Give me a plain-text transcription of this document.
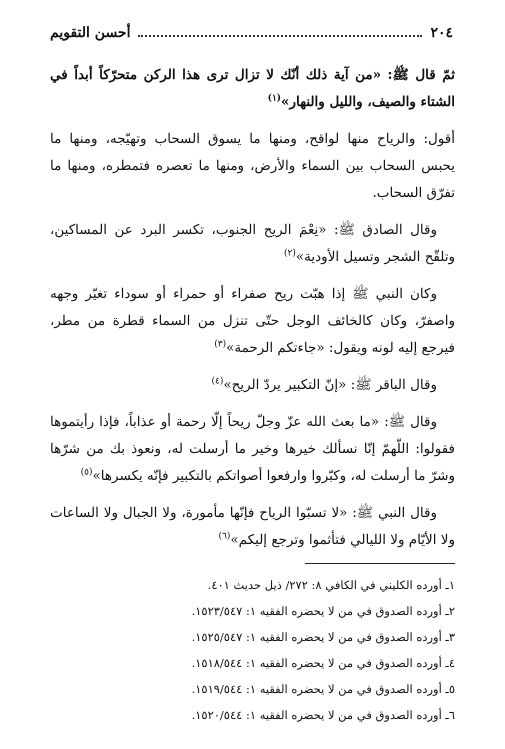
٢٠٤
أحسن التقويم

ثمّ قال ﷺ: «من آية ذلك أنّك لا تزال ترى هذا الركن متحرّكاً أبداً في الشتاء والصيف، والليل والنهار»$^{(١)}$

أقول: والرياح منها لواقح، ومنها ما يسوق السحاب وتهيّجه، ومنها ما يحبس السحاب بين السماء والأرض، ومنها ما تعصره فتمطره، ومنها ما تفرّق السحاب.

وقال الصادق ﷺ: «نِعْمَ الريح الجنوب، تكسر البرد عن المساكين، وتلقّح الشجر وتسيل الأودية»$^{(٢)}$

وكان النبي ﷺ إذا هبّت ريح صفراء أو حمراء أو سوداء تغيّر وجهه واصفرّ، وكان كالخائف الوجل حتّى تنزل من السماء قطرة من مطر، فيرجع إليه لونه ويقول: «جاءتكم الرحمة»$^{(٣)}$

وقال الباقر ﷺ: «إنّ التكبير يردّ الريح»$^{(٤)}$

وقال ﷺ: «ما بعث الله عزّ وجلّ ريحاً إلّا رحمة أو عذاباً، فإذا رأيتموها فقولوا: اللّهمّ إنّا نسألك خيرها وخير ما أرسلت له، ونعوذ بك من شرّها وشرّ ما أرسلت له، وكبّروا وارفعوا أصواتكم بالتكبير فإنّه يكسرها»$^{(٥)}$

وقال النبي ﷺ: «لا تسبّوا الرياح فإنّها مأمورة، ولا الجبال ولا الساعات ولا الأيّام ولا الليالي فتأثموا وترجع إليكم»$^{(٦)}$

١ـ أورده الكليني في الكافي ٨: ٢٧٢/ ذيل حديث ٤٠١.
٢ـ أورده الصدوق في من لا يحضره الفقيه ١: ١٥٢٣/٥٤٧.
٣ـ أورده الصدوق في من لا يحضره الفقيه ١: ١٥٢٥/٥٤٧.
٤ـ أورده الصدوق في من لا يحضره الفقيه ١: ١٥١٨/٥٤٤.
٥ـ أورده الصدوق في من لا يحضره الفقيه ١: ١٥١٩/٥٤٤.
٦ـ أورده الصدوق في من لا يحضره الفقيه ١: ١٥٢٠/٥٤٤.
